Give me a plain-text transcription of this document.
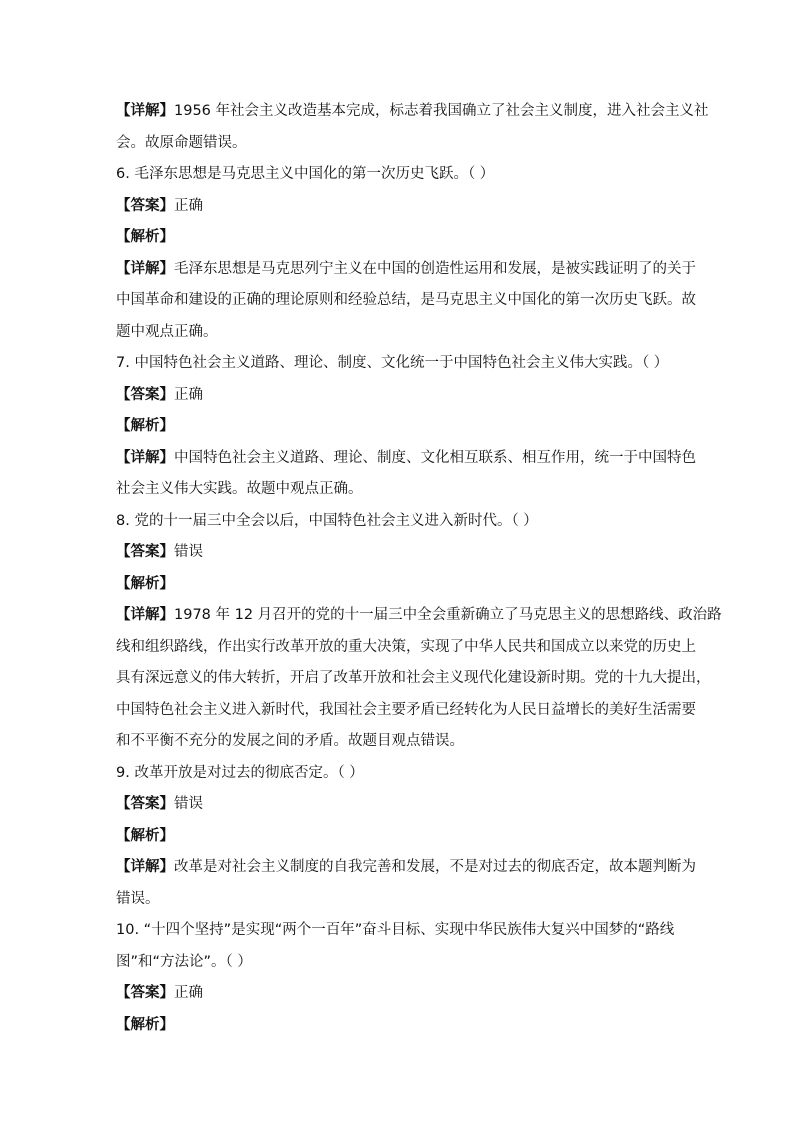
【详解】1956 年社会主义改造基本完成，标志着我国确立了社会主义制度，进入社会主义社
会。故原命题错误。
6. 毛泽东思想是马克思主义中国化的第一次历史飞跃。（ ）
【答案】正确
【解析】
【详解】毛泽东思想是马克思列宁主义在中国的创造性运用和发展，是被实践证明了的关于
中国革命和建设的正确的理论原则和经验总结，是马克思主义中国化的第一次历史飞跃。故
题中观点正确。
7. 中国特色社会主义道路、理论、制度、文化统一于中国特色社会主义伟大实践。（ ）
【答案】正确
【解析】
【详解】中国特色社会主义道路、理论、制度、文化相互联系、相互作用，统一于中国特色
社会主义伟大实践。故题中观点正确。
8. 党的十一届三中全会以后，中国特色社会主义进入新时代。（ ）
【答案】错误
【解析】
【详解】1978 年 12 月召开的党的十一届三中全会重新确立了马克思主义的思想路线、政治路
线和组织路线，作出实行改革开放的重大决策，实现了中华人民共和国成立以来党的历史上
具有深远意义的伟大转折，开启了改革开放和社会主义现代化建设新时期。党的十九大提出，
中国特色社会主义进入新时代，我国社会主要矛盾已经转化为人民日益增长的美好生活需要
和不平衡不充分的发展之间的矛盾。故题目观点错误。
9. 改革开放是对过去的彻底否定。（ ）
【答案】错误
【解析】
【详解】改革是对社会主义制度的自我完善和发展，不是对过去的彻底否定，故本题判断为
错误。
10. “十四个坚持”是实现“两个一百年”奋斗目标、实现中华民族伟大复兴中国梦的“路线
图”和“方法论”。（ ）
【答案】正确
【解析】
